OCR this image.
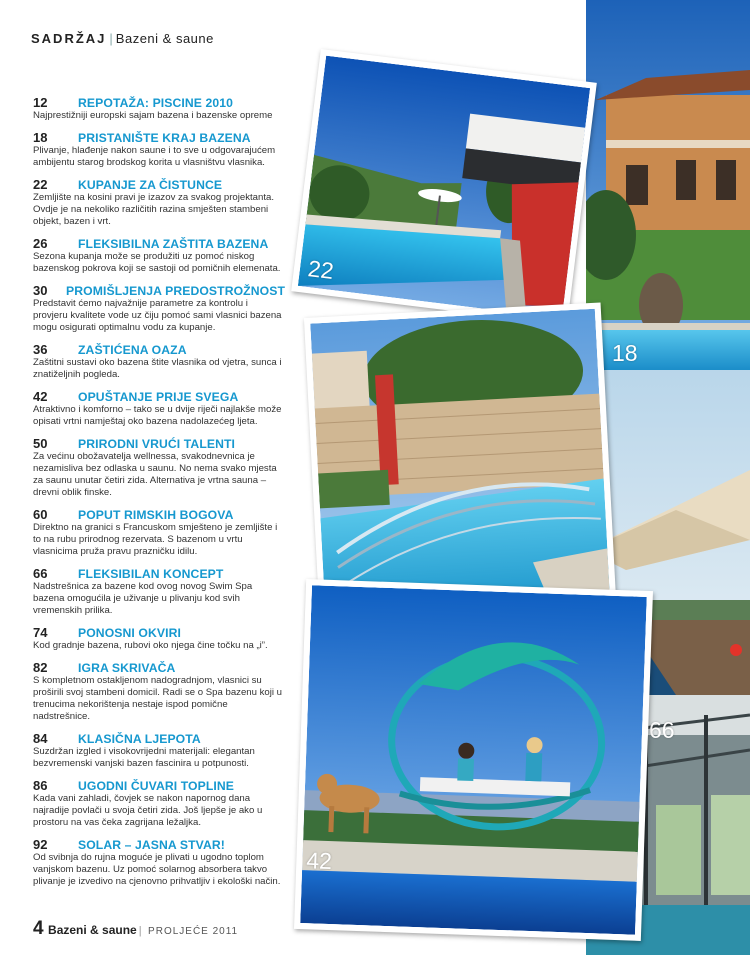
SADRŽAJ | Bazeni & saune
12	REPOTAŽA: PISCINE 2010
Najprestižniji europski sajam bazena i bazenske opreme
18	PRISTANIŠTE KRAJ BAZENA
Plivanje, hlađenje nakon saune i to sve u odgovarajućem ambijentu starog brodskog korita u vlasništvu vlasnika.
22	KUPANJE ZA ČISTUNCE
Zemljište na kosini pravi je izazov za svakog projektanta. Ovdje je na nekoliko različitih razina smješten stambeni objekt, bazen i vrt.
26	FLEKSIBILNA ZAŠTITA BAZENA
Sezona kupanja može se produžiti uz pomoć niskog bazenskog pokrova koji se sastoji od pomičnih elemenata.
30	PROMIŠLJENJA PREDOSTROŽNOST
Predstavit ćemo najvažnije parametre za kontrolu i provjeru kvalitete vode uz čiju pomoć sami vlasnici bazena mogu osigurati optimalnu vodu za kupanje.
36	ZAŠTIĆENA OAZA
Zaštitni sustavi oko bazena štite vlasnika od vjetra, sunca i znatiželjnih pogleda.
42	OPUŠTANJE PRIJE SVEGA
Atraktivno i komforno – tako se u dvije riječi najlakše može opisati vrtni namještaj oko bazena nadolazećeg ljeta.
50	PRIRODNI VRUĆI TALENTI
Za većinu obožavatelja wellnessa, svakodnevnica je nezamisliva bez odlaska u saunu. No nema svako mjesta za saunu unutar četiri zida. Alternativa je vrtna sauna – drevni oblik finske.
60	POPUT RIMSKIH BOGOVA
Direktno na granici s Francuskom smješteno je zemljište i to na rubu prirodnog rezervata. S bazenom u vrtu vlasnicima pruža pravu prazničku idilu.
66	FLEKSIBILAN KONCEPT
Nadstrešnica za bazene kod ovog novog Swim Spa bazena omogućila je uživanje u plivanju kod svih vremenskih prilika.
74	PONOSNI OKVIRI
Kod gradnje bazena, rubovi oko njega čine točku na „i”.
82	IGRA SKRIVAČA
S kompletnom ostakljenom nadogradnjom, vlasnici su proširili svoj stambeni domicil. Radi se o Spa bazenu koji u trenucima nekorištenja nestaje ispod pomične nadstrešnice.
84	KLASIČNA LJEPOTA
Suzdržan izgled i visokovrijedni materijali: elegantan bezvremenski vanjski bazen fascinira u potpunosti.
86	UGODNI ČUVARI TOPLINE
Kada vani zahladi, čovjek se nakon napornog dana najradije povlači u svoja četiri zida. Još ljepše je ako u prostoru na vas čeka zagrijana ležaljka.
92	SOLAR – JASNA STVAR!
Od svibnja do rujna moguće je plivati u ugodno toplom vanjskom bazenu. Uz pomoć solarnog absorbera takvo plivanje je izvedivo na cjenovno prihvatljiv i ekološki način.
18
66
22
42
4 Bazeni & saune | PROLJEĆE 2011
